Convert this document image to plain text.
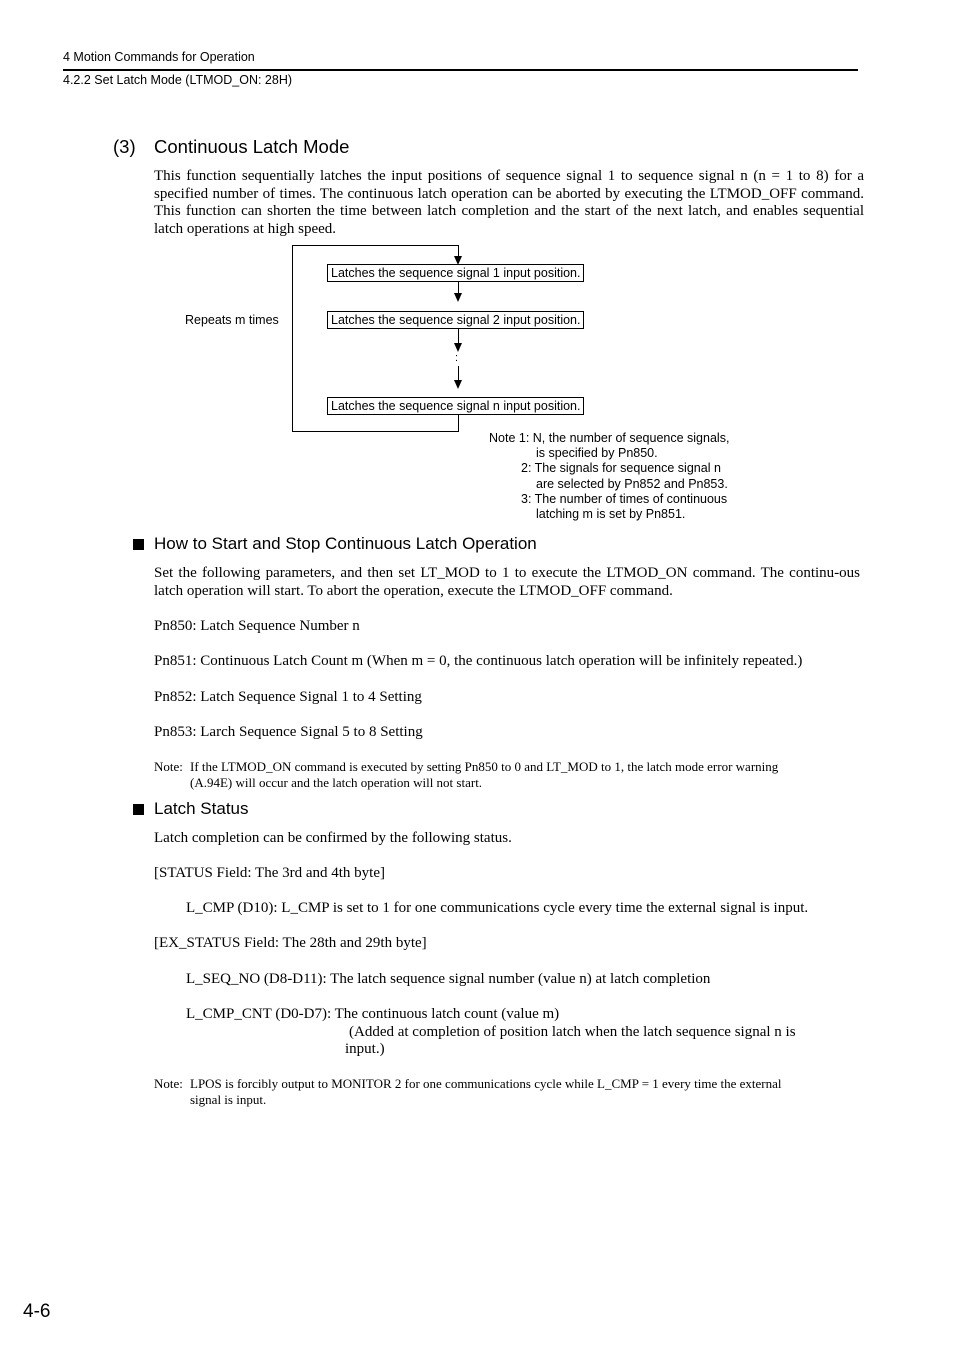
4 Motion Commands for Operation
4.2.2 Set Latch Mode (LTMOD_ON: 28H)
(3) Continuous Latch Mode
This function sequentially latches the input positions of sequence signal 1 to sequence signal n (n = 1 to 8) for a specified number of times. The continuous latch operation can be aborted by executing the LTMOD_OFF command. This function can shorten the time between latch completion and the start of the next latch, and enables sequential latch operations at high speed.
Latches the sequence signal 1 input position.
Latches the sequence signal 2 input position.
:
Latches the sequence signal n input position.
Repeats m times
Note 1: N, the number of sequence signals,
is specified by Pn850.
2: The signals for sequence signal n
are selected by Pn852 and Pn853.
3: The number of times of continuous
latching m is set by Pn851.
How to Start and Stop Continuous Latch Operation
Set the following parameters, and then set LT_MOD to 1 to execute the LTMOD_ON command. The continu-ous latch operation will start. To abort the operation, execute the LTMOD_OFF command.
Pn850: Latch Sequence Number n
Pn851: Continuous Latch Count m (When m = 0, the continuous latch operation will be infinitely repeated.)
Pn852: Latch Sequence Signal 1 to 4 Setting
Pn853: Larch Sequence Signal 5 to 8 Setting
Note: If the LTMOD_ON command is executed by setting Pn850 to 0 and LT_MOD to 1, the latch mode error warning
(A.94E) will occur and the latch operation will not start.
Latch Status
Latch completion can be confirmed by the following status.
[STATUS Field: The 3rd and 4th byte]
L_CMP (D10): L_CMP is set to 1 for one communications cycle every time the external signal is input.
[EX_STATUS Field: The 28th and 29th byte]
L_SEQ_NO (D8-D11): The latch sequence signal number (value n) at latch completion
L_CMP_CNT (D0-D7): The continuous latch count (value m)
(Added at completion of position latch when the latch sequence signal n is
input.)
Note: LPOS is forcibly output to MONITOR 2 for one communications cycle while L_CMP = 1 every time the external
signal is input.
4-6
